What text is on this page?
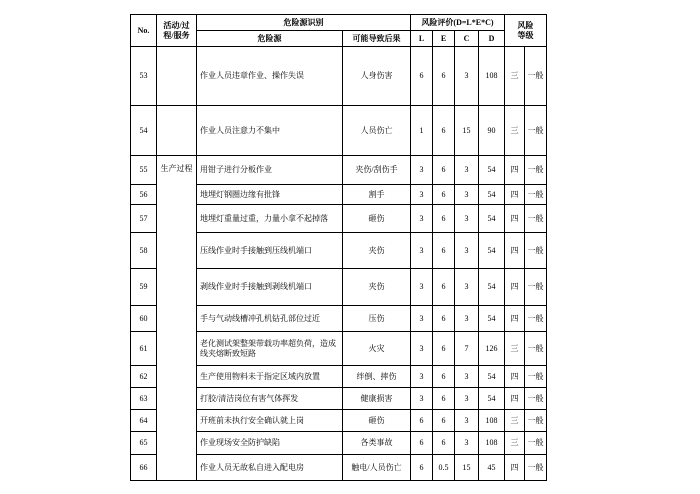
No.	活动/过程/服务	危险源识别		风险评价(D=L*E*C)				风险等级	
		危险源	可能导致后果	L	E	C	D		
53		作业人员违章作业、操作失误	人身伤害	6	6	3	108	三	一般
54		作业人员注意力不集中	人员伤亡	1	6	15	90	三	一般
55	生产过程	用钳子进行分板作业	夹伤/刮伤手	3	6	3	54	四	一般
56		地埋灯钢圈边缘有批锋	割手	3	6	3	54	四	一般
57		地埋灯重量过重，力量小拿不起掉落	砸伤	3	6	3	54	四	一般
58		压线作业时手接触到压线机端口	夹伤	3	6	3	54	四	一般
59		剥线作业时手接触到剥线机端口	夹伤	3	6	3	54	四	一般
60		手与气动线槽冲孔机钻孔部位过近	压伤	3	6	3	54	四	一般
61		老化测试架整架带载功率超负荷，造成线夹熔断致短路	火灾	3	6	7	126	三	一般
62		生产使用物料未于指定区域内放置	绊倒、摔伤	3	6	3	54	四	一般
63		打胶/清洁岗位有害气体挥发	健康损害	3	6	3	54	四	一般
64		开班前未执行安全确认就上岗	砸伤	6	6	3	108	三	一般
65		作业现场安全防护缺陷	各类事故	6	6	3	108	三	一般
66		作业人员无故私自进入配电房	触电/人员伤亡	6	0.5	15	45	四	一般
